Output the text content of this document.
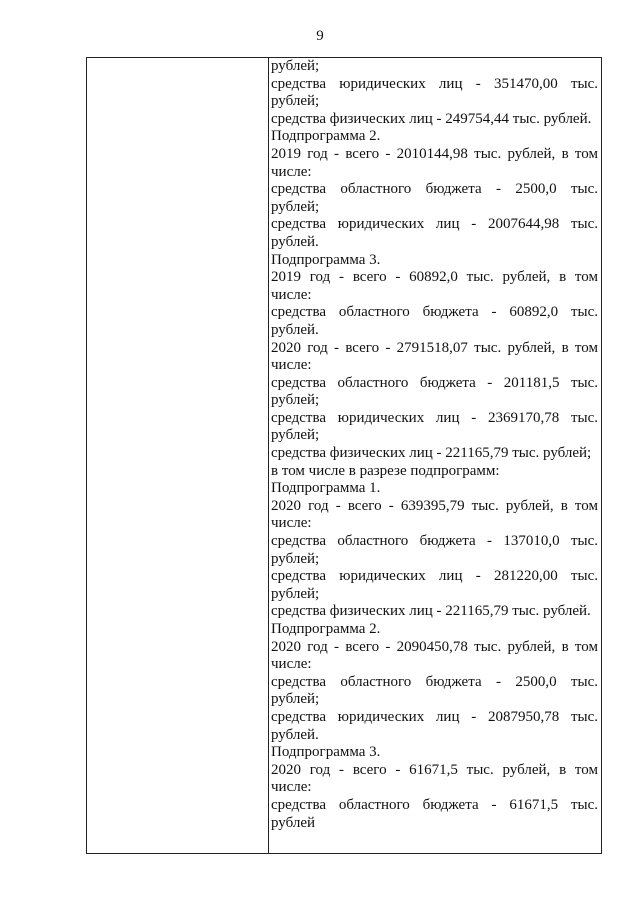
9
рублей;
средства юридических лиц - 351470,00 тыс.
рублей;
средства физических лиц - 249754,44 тыс. рублей.
Подпрограмма 2.
2019 год - всего - 2010144,98 тыс. рублей, в том
числе:
средства областного бюджета - 2500,0 тыс.
рублей;
средства юридических лиц - 2007644,98 тыс.
рублей.
Подпрограмма 3.
2019 год - всего - 60892,0 тыс. рублей, в том
числе:
средства областного бюджета - 60892,0 тыс.
рублей.
2020 год - всего - 2791518,07 тыс. рублей, в том
числе:
средства областного бюджета - 201181,5 тыс.
рублей;
средства юридических лиц - 2369170,78 тыс.
рублей;
средства физических лиц - 221165,79 тыс. рублей;
в том числе в разрезе подпрограмм:
Подпрограмма 1.
2020 год - всего - 639395,79 тыс. рублей, в том
числе:
средства областного бюджета - 137010,0 тыс.
рублей;
средства юридических лиц - 281220,00 тыс.
рублей;
средства физических лиц - 221165,79 тыс. рублей.
Подпрограмма 2.
2020 год - всего - 2090450,78 тыс. рублей, в том
числе:
средства областного бюджета - 2500,0 тыс.
рублей;
средства юридических лиц - 2087950,78 тыс.
рублей.
Подпрограмма 3.
2020 год - всего - 61671,5 тыс. рублей, в том
числе:
средства областного бюджета - 61671,5 тыс.
рублей
